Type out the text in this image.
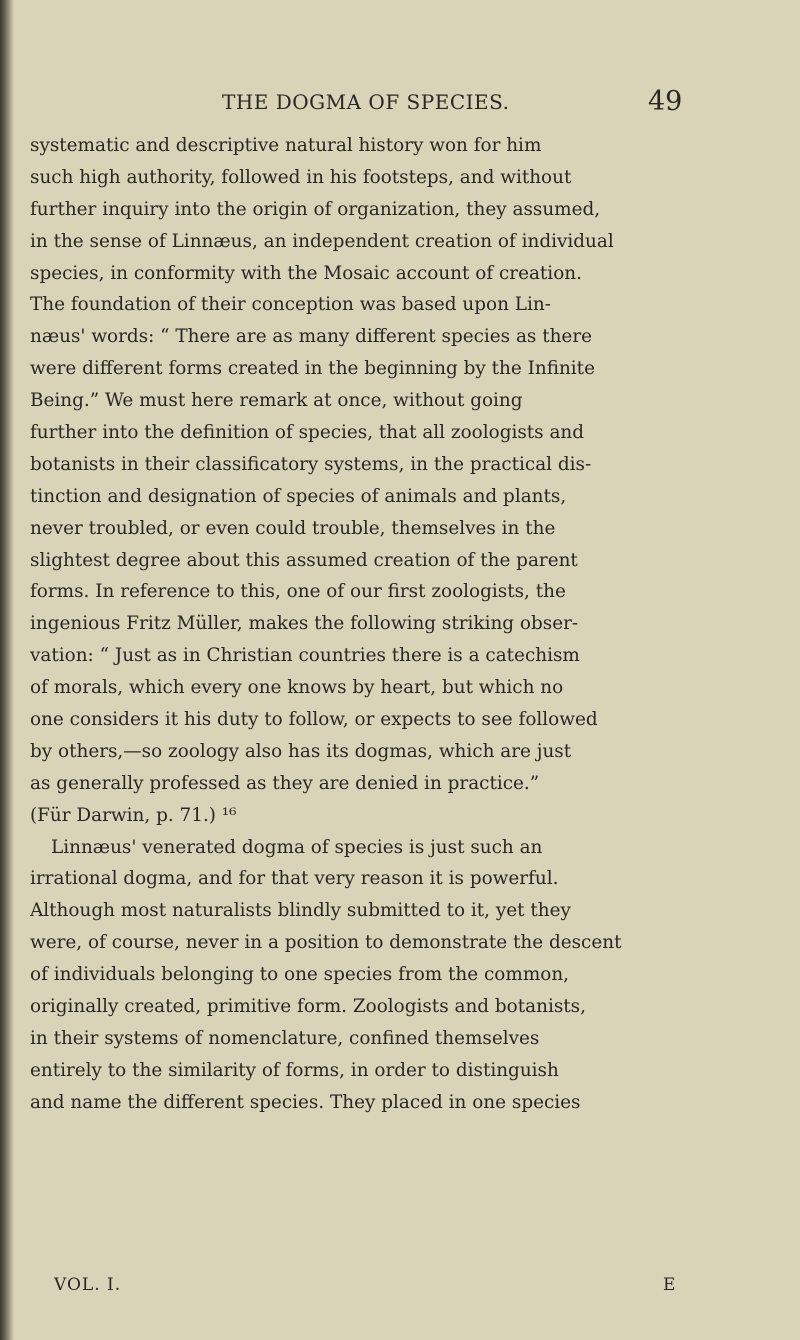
THE DOGMA OF SPECIES.	49
systematic and descriptive natural history won for him
such high authority, followed in his footsteps, and without
further inquiry into the origin of organization, they assumed,
in the sense of Linnæus, an independent creation of individual
species, in conformity with the Mosaic account of creation.
The foundation of their conception was based upon Lin-
næus' words: “ There are as many different species as there
were different forms created in the beginning by the Infinite
Being.” We must here remark at once, without going
further into the definition of species, that all zoologists and
botanists in their classificatory systems, in the practical dis-
tinction and designation of species of animals and plants,
never troubled, or even could trouble, themselves in the
slightest degree about this assumed creation of the parent
forms. In reference to this, one of our first zoologists, the
ingenious Fritz Müller, makes the following striking obser-
vation: “ Just as in Christian countries there is a catechism
of morals, which every one knows by heart, but which no
one considers it his duty to follow, or expects to see followed
by others,—so zoology also has its dogmas, which are just
as generally professed as they are denied in practice.”
(Für Darwin, p. 71.) ¹⁶
Linnæus' venerated dogma of species is just such an
irrational dogma, and for that very reason it is powerful.
Although most naturalists blindly submitted to it, yet they
were, of course, never in a position to demonstrate the descent
of individuals belonging to one species from the common,
originally created, primitive form. Zoologists and botanists,
in their systems of nomenclature, confined themselves
entirely to the similarity of forms, in order to distinguish
and name the different species. They placed in one species
VOL. I.	E
